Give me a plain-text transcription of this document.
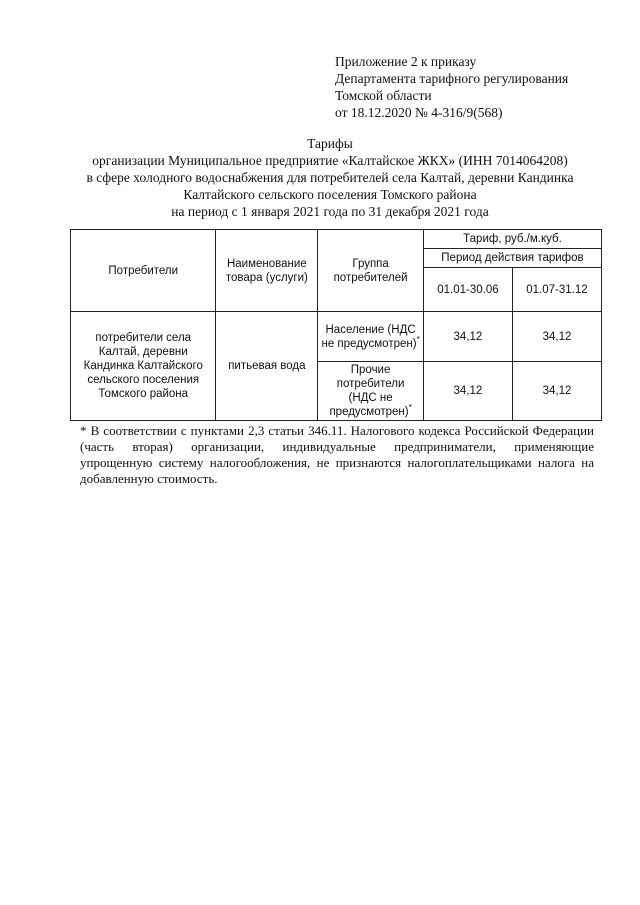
Приложение 2 к приказу
Департамента тарифного регулирования
Томской области
от 18.12.2020 № 4-316/9(568)
Тарифы
организации Муниципальное предприятие «Калтайское ЖКХ» (ИНН 7014064208)
в сфере холодного водоснабжения для потребителей села Калтай, деревни Кандинка
Калтайского сельского поселения Томского района
на период с 1 января 2021 года по 31 декабря 2021 года
Потребители	Наименование товара (услуги)	Группа потребителей	Тариф, руб./м.куб.	
			Период действия тарифов	
			01.01-30.06	01.07-31.12
потребители села Калтай, деревни Кандинка Калтайского сельского поселения Томского района	питьевая вода	Население (НДС не предусмотрен)*	34,12	34,12
		Прочие потребители (НДС не предусмотрен)*	34,12	34,12
* В соответствии с пунктами 2,3 статьи 346.11. Налогового кодекса Российской Федерации (часть вторая) организации, индивидуальные предприниматели, применяющие упрощенную систему налогообложения, не признаются налогоплательщиками налога на добавленную стоимость.
